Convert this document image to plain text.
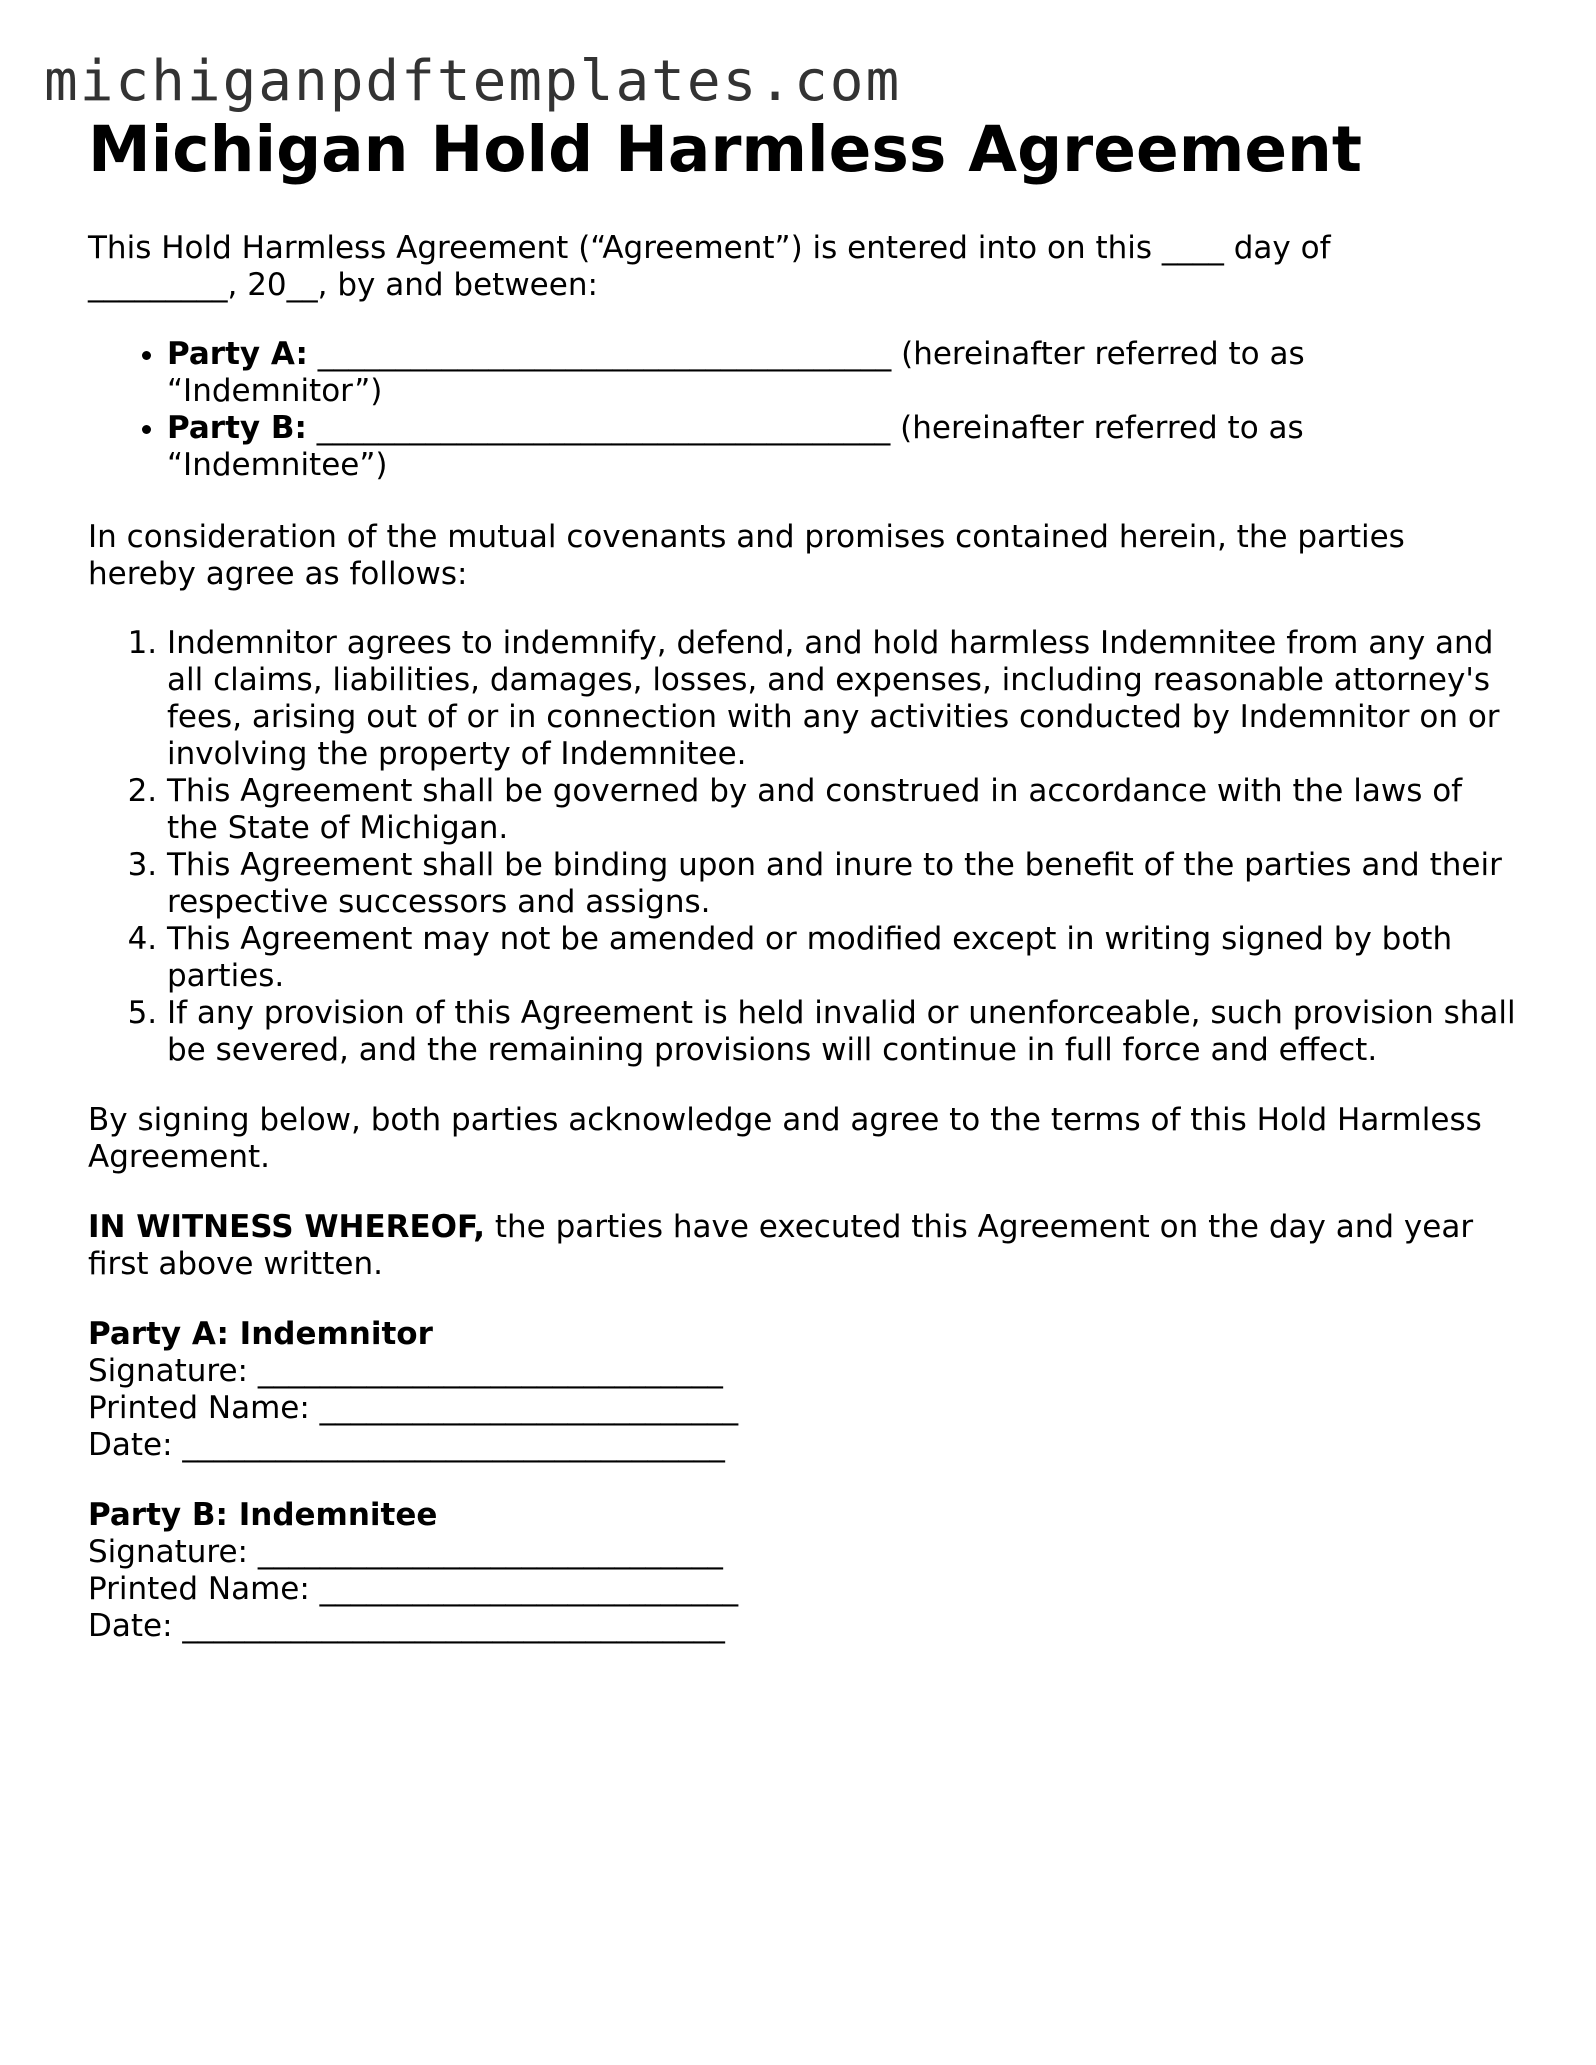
michiganpdftemplates.com
Michigan Hold Harmless Agreement

This Hold Harmless Agreement (“Agreement”) is entered into on this ____ day of
_________, 20__, by and between:

• Party A: _____________________________________ (hereinafter referred to as “Indemnitor”)
• Party B: _____________________________________ (hereinafter referred to as “Indemnitee”)

In consideration of the mutual covenants and promises contained herein, the parties hereby agree as follows:

1. Indemnitor agrees to indemnify, defend, and hold harmless Indemnitee from any and all claims, liabilities, damages, losses, and expenses, including reasonable attorney's fees, arising out of or in connection with any activities conducted by Indemnitor on or involving the property of Indemnitee.
2. This Agreement shall be governed by and construed in accordance with the laws of the State of Michigan.
3. This Agreement shall be binding upon and inure to the benefit of the parties and their respective successors and assigns.
4. This Agreement may not be amended or modified except in writing signed by both parties.
5. If any provision of this Agreement is held invalid or unenforceable, such provision shall be severed, and the remaining provisions will continue in full force and effect.

By signing below, both parties acknowledge and agree to the terms of this Hold Harmless Agreement.

IN WITNESS WHEREOF, the parties have executed this Agreement on the day and year first above written.

Party A: Indemnitor

Signature: ______________________________

Printed Name: ___________________________

Date: ___________________________________

Party B: Indemnitee

Signature: ______________________________

Printed Name: ___________________________

Date: ___________________________________
